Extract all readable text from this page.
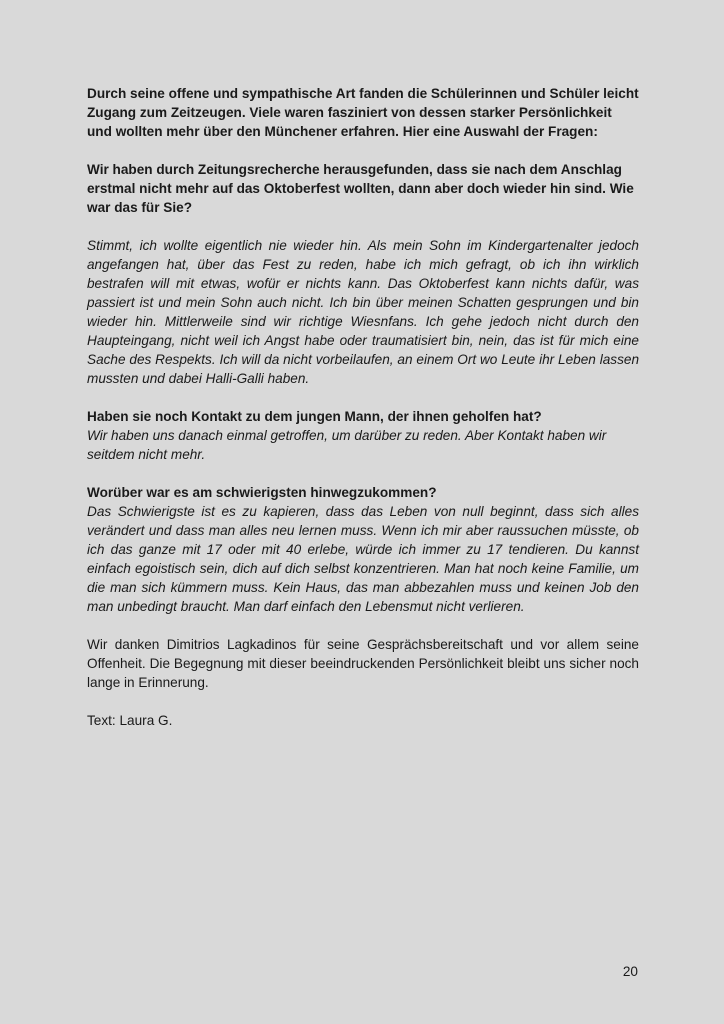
Durch seine offene und sympathische Art fanden die Schülerinnen und Schüler leicht Zugang zum Zeitzeugen. Viele waren fasziniert von dessen starker Persönlichkeit und wollten mehr über den Münchener erfahren. Hier eine Auswahl der Fragen:

Wir haben durch Zeitungsrecherche herausgefunden, dass sie nach dem Anschlag erstmal nicht mehr auf das Oktoberfest wollten, dann aber doch wieder hin sind. Wie war das für Sie?

Stimmt, ich wollte eigentlich nie wieder hin. Als mein Sohn im Kindergartenalter jedoch angefangen hat, über das Fest zu reden, habe ich mich gefragt, ob ich ihn wirklich bestrafen will mit etwas, wofür er nichts kann. Das Oktoberfest kann nichts dafür, was passiert ist und mein Sohn auch nicht. Ich bin über meinen Schatten gesprungen und bin wieder hin. Mittlerweile sind wir richtige Wiesnfans. Ich gehe jedoch nicht durch den Haupteingang, nicht weil ich Angst habe oder traumatisiert bin, nein, das ist für mich eine Sache des Respekts. Ich will da nicht vorbeilaufen, an einem Ort wo Leute ihr Leben lassen mussten und dabei Halli-Galli haben.

Haben sie noch Kontakt zu dem jungen Mann, der ihnen geholfen hat?

Wir haben uns danach einmal getroffen, um darüber zu reden. Aber Kontakt haben wir seitdem nicht mehr.

Worüber war es am schwierigsten hinwegzukommen?

Das Schwierigste ist es zu kapieren, dass das Leben von null beginnt, dass sich alles verändert und dass man alles neu lernen muss. Wenn ich mir aber raussuchen müsste, ob ich das ganze mit 17 oder mit 40 erlebe, würde ich immer zu 17 tendieren. Du kannst einfach egoistisch sein, dich auf dich selbst konzentrieren. Man hat noch keine Familie, um die man sich kümmern muss. Kein Haus, das man abbezahlen muss und keinen Job den man unbedingt braucht. Man darf einfach den Lebensmut nicht verlieren.

Wir danken Dimitrios Lagkadinos für seine Gesprächsbereitschaft und vor allem seine Offenheit. Die Begegnung mit dieser beeindruckenden Persönlichkeit bleibt uns sicher noch lange in Erinnerung.

Text: Laura G.

20
